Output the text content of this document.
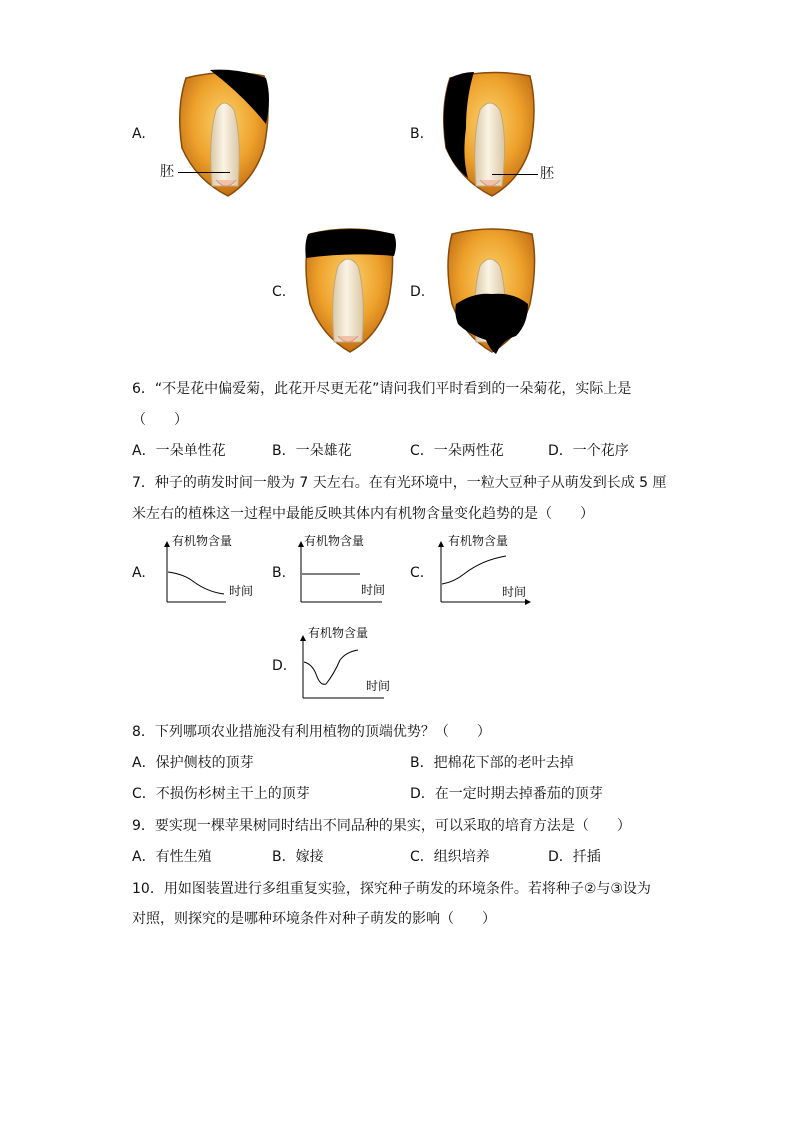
A.
胚
B.
胚
C.	D.
6．“不是花中偏爱菊，此花开尽更无花”请问我们平时看到的一朵菊花，实际上是
（　　）
A．一朵单性花	B．一朵雄花	C．一朵两性花	D．一个花序
7．种子的萌发时间一般为 7 天左右。在有光环境中，一粒大豆种子从萌发到长成 5 厘
米左右的植株这一过程中最能反映其体内有机物含量变化趋势的是（　　）
A.
有机物含量
时间
B.
有机物含量
时间
C.
有机物含量
时间
D.
有机物含量
时间
8．下列哪项农业措施没有利用植物的顶端优势？（　　）
A．保护侧枝的顶芽	B．把棉花下部的老叶去掉
C．不损伤杉树主干上的顶芽	D．在一定时期去掉番茄的顶芽
9．要实现一棵苹果树同时结出不同品种的果实，可以采取的培育方法是（　　）
A．有性生殖	B．嫁接	C．组织培养	D．扦插
10．用如图装置进行多组重复实验，探究种子萌发的环境条件。若将种子②与③设为
对照，则探究的是哪种环境条件对种子萌发的影响（　　）
